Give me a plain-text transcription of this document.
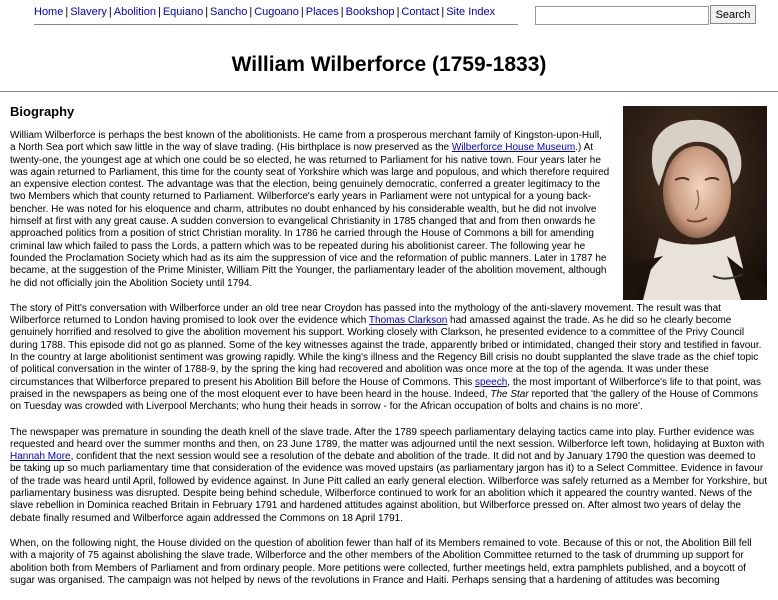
Home | Slavery | Abolition | Equiano | Sancho | Cugoano | Places | Bookshop | Contact | Site Index	Search
William Wilberforce (1759-1833)
Biography

William Wilberforce is perhaps the best known of the abolitionists. He came from a prosperous merchant family of Kingston-upon-Hull, a North Sea port which saw little in the way of slave trading. (His birthplace is now preserved as the Wilberforce House Museum.) At twenty-one, the youngest age at which one could be so elected, he was returned to Parliament for his native town. Four years later he was again returned to Parliament, this time for the county seat of Yorkshire which was large and populous, and which therefore required an expensive election contest. The advantage was that the election, being genuinely democratic, conferred a greater legitimacy to the two Members which that county returned to Parliament. Wilberforce's early years in Parliament were not untypical for a young back-bencher. He was noted for his eloquence and charm, attributes no doubt enhanced by his considerable wealth, but he did not involve himself at first with any great cause. A sudden conversion to evangelical Christianity in 1785 changed that and from then onwards he approached politics from a position of strict Christian morality. In 1786 he carried through the House of Commons a bill for amending criminal law which failed to pass the Lords, a pattern which was to be repeated during his abolitionist career. The following year he founded the Proclamation Society which had as its aim the suppression of vice and the reformation of public manners. Later in 1787 he became, at the suggestion of the Prime Minister, William Pitt the Younger, the parliamentary leader of the abolition movement, although he did not officially join the Abolition Society until 1794.

The story of Pitt's conversation with Wilberforce under an old tree near Croydon has passed into the mythology of the anti-slavery movement. The result was that Wilberforce returned to London having promised to look over the evidence which Thomas Clarkson had amassed against the trade. As he did so he clearly become genuinely horrified and resolved to give the abolition movement his support. Working closely with Clarkson, he presented evidence to a committee of the Privy Council during 1788. This episode did not go as planned. Some of the key witnesses against the trade, apparently bribed or intimidated, changed their story and testified in favour. In the country at large abolitionist sentiment was growing rapidly. While the king's illness and the Regency Bill crisis no doubt supplanted the slave trade as the chief topic of political conversation in the winter of 1788-9, by the spring the king had recovered and abolition was once more at the top of the agenda. It was under these circumstances that Wilberforce prepared to present his Abolition Bill before the House of Commons. This speech, the most important of Wilberforce's life to that point, was praised in the newspapers as being one of the most eloquent ever to have been heard in the house. Indeed, The Star reported that 'the gallery of the House of Commons on Tuesday was crowded with Liverpool Merchants; who hung their heads in sorrow - for the African occupation of bolts and chains is no more'.

The newspaper was premature in sounding the death knell of the slave trade. After the 1789 speech parliamentary delaying tactics came into play. Further evidence was requested and heard over the summer months and then, on 23 June 1789, the matter was adjourned until the next session. Wilberforce left town, holidaying at Buxton with Hannah More, confident that the next session would see a resolution of the debate and abolition of the trade. It did not and by January 1790 the question was deemed to be taking up so much parliamentary time that consideration of the evidence was moved upstairs (as parliamentary jargon has it) to a Select Committee. Evidence in favour of the trade was heard until April, followed by evidence against. In June Pitt called an early general election. Wilberforce was safely returned as a Member for Yorkshire, but parliamentary business was disrupted. Despite being behind schedule, Wilberforce continued to work for an abolition which it appeared the country wanted. News of the slave rebellion in Dominica reached Britain in February 1791 and hardened attitudes against abolition, but Wilberforce pressed on. After almost two years of delay the debate finally resumed and Wilberforce again addressed the Commons on 18 April 1791.

When, on the following night, the House divided on the question of abolition fewer than half of its Members remained to vote. Because of this or not, the Abolition Bill fell with a majority of 75 against abolishing the slave trade. Wilberforce and the other members of the Abolition Committee returned to the task of drumming up support for abolition both from Members of Parliament and from ordinary people. More petitions were collected, further meetings held, extra pamphlets published, and a boycott of sugar was organised. The campaign was not helped by news of the revolutions in France and Haiti. Perhaps sensing that a hardening of attitudes was becoming
